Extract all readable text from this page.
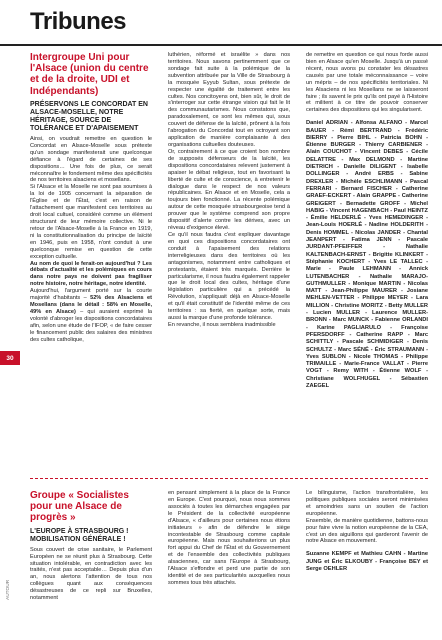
Tribunes
30
AUTOUR
Intergroupe Uni pour l'Alsace (union du centre et de la droite, UDI et Indépendants)
PRÉSERVONS LE CONCORDAT EN ALSACE-MOSELLE, NOTRE HÉRITAGE, SOURCE DE TOLÉRANCE ET D'APAISEMENT

Ainsi, on voudrait remettre en question le Concordat en Alsace-Moselle sous prétexte qu'un sondage manifesterait une quelconque défiance à l'égard de certaines de ses dispositions… Une fois de plus, ce serait méconnaître le fondement même des spécificités de nos territoires alsaciens et mosellans.

Si l'Alsace et la Moselle ne sont pas soumises à la loi de 1905 concernant la séparation de l'Église et de l'État, c'est en raison de l'attachement que manifestent ces territoires au droit local cultuel, considéré comme un élément structurant de leur mémoire collective. Ni le retour de l'Alsace-Moselle à la France en 1919, ni la constitutionnalisation du principe de laïcité en 1946, puis en 1958, n'ont conduit à une quelconque remise en question de cette exception cultuelle.

Au nom de quoi le ferait-on aujourd'hui ? Les débats d'actualité et les polémiques en cours dans notre pays ne doivent pas fragiliser notre histoire, notre héritage, notre identité.

Aujourd'hui, l'argument porté sur la courte majorité d'habitants – 52% des Alsaciens et Mosellans (dans le détail : 58% en Moselle, 49% en Alsace) – qui auraient exprimé la volonté d'abroger les dispositions concordataires afin, selon une étude de l'IFOP, « de faire cesser le financement public des salaires des ministres des cultes catholique,

luthérien, réformé et israélite » dans nos territoires. Nous savons pertinemment que ce sondage fait suite à la polémique de la subvention attribuée par la Ville de Strasbourg à la mosquée Eyyub Sultan, sous prétexte de respecter une égalité de traitement entre les cultes. Nos concitoyens ont, bien sûr, le droit de s'interroger sur cette étrange vision qui fait le lit des communautarismes. Nous constatons que, paradoxalement, ce sont les mêmes qui, sous couvert de défense de la laïcité, prônent à la fois l'abrogation du Concordat tout en octroyant son application de manière complaisante à des organisations cultuelles douteuses.

Or, contrairement à ce que croient bon nombre de supposés défenseurs de la laïcité, les dispositions concordataires relevent justement à apaiser le débat religieux, tout en favorisant la liberté de culte et de conscience, à entretenir le dialogue dans le respect de nos valeurs républicaines. En Alsace et en Moselle, cela a toujours bien fonctionné. La récente polémique autour de cette mosquée strasbourgeoise tend à prouver que le système comprend son propre dispositif d'alerte contre les dérives, avec un réveau d'exigence élevé.

Ce qu'il nous faudra c'est expliquer davantage en quoi ces dispositions concordataires ont conduit à l'apaisement des relations interreligieuses dans des territoires où les antagonismes, notamment entre catholiques et protestants, étaient très marqués. Derrière le particularisme, il nous faudra également rappeler que le droit local des cultes, héritage d'une législation particulière qui a précédé la Révolution, s'appliquait déjà en Alsace-Moselle et qu'il était constitutif de l'identité même de ces territoires : sa fierté, en quelque sorte, mais aussi la marque d'une profonde tolérance.

En revanche, il nous semblera inadmissible

de remettre en question ce qui nous forde aussi bien en Alsace qu'en Moselle. Jusqu'à un passé récent, nous avons pu constater les désastres causés par une totale méconnaissance – voire un mépris – de nos spécificités territoriales. Ni les Alsaciens ni les Mosellans ne se laisseront faire ; ils savent le prix qu'ils ont payé à l'Histoire et militent à ce titre de pouvoir conserver certaines des dispositions qui les singularisent.

Daniel ADRIAN - Alfonsa ALFANO - Marcel BAUER - Rémi BERTRAND - Frédéric BIERRY - Pierre BIHL - Patricia BOHN - Étienne BURGER - Thierry CARBIENER - Alain COUCHOT - Vincent DEBES - Cécile DELATTRE - Max DELMOND - Martine DIETRICH - Danielle DILIGENT - Isabelle DOLLINGER - André ERBS - Sabine DREXLER - Michèle ESCHLIMANN - Pascal FERRARI - Bernard FISCHER - Catherine GRAEF-ECKERT - Alain GRAPPE - Catherine GREIGERT - Bernadette GROFF - Michel HABIG - Vincent HAGENBACH - Paul HEINTZ - Émilie HELDERLÉ - Yves HEMEDINGER - Jean-Louis HOERLÉ - Nadine HOLDERITH - Denis HOMMEL - Nicolas JANDER - Chantal JEANPERT - Fatima JENN - Pascale JURDANT-PFEIFFER - Nathalie KALTENBACH-ERNST - Brigitte KLINKERT - Stéphanie KOCHERT - Yves LE TALLEC - Marie - Paule LEHMANN - Annick LUTENBACHER - Nathalie MARAJO-GUTHMULLER - Monique MARTIN - Nicolas MATT - Jean-Philippe MAURER - Josiane MEHLEN-VETTER - Philippe MEYER - Lara MILLION - Christine MORITZ - Betty MULLER - Lucien MULLER - Laurence MULLER-BRONN - Marc MUNCK - Fabienne ORLANDI - Karine PAGLIARULO - Françoise PFERSDORFF - Catherine RAPP - Marc SCHITTLY - Pascale SCHMIDIGER - Denis SCHULTZ - Marc SÉNÉ - Éric STRAUMANN - Yves SUBLON - Nicole THOMAS - Philippe TRIMAILLE - Marie-France VALLAT - Pierre VOGT - Remy WITH - Étienne WOLF - Christiane WOLFHUGEL - Sébastien ZAEGEL

Groupe « Socialistes pour une Alsace de progrès »
L'EUROPE À STRASBOURG ! MOBILISATION GÉNÉRALE !

Sous couvert de crise sanitaire, le Parlement Européen ne se réunit plus à Strasbourg. Cette situation intolérable, en contradiction avec les traités, n'est pas acceptable… Depuis plus d'un an, nous alertons l'attention de tous nos collègues quant aux conséquences désastreuses de ce repli sur Bruxelles, notamment

en pensant simplement à la place de la France en Europe. C'est pourquoi, nous nous sommes associés à toutes les démarches engagées par le Président de la collectivité européenne d'Alsace, « d'ailleurs pour certaines nous étions initiateurs » afin de défendre le siège incontestable de Strasbourg comme capitale européenne. Mais nous souhaiterions un plus fort appui du Chef de l'État et du Gouvernement et de l'ensemble des collectivités publiques alsaciennes, car sans l'Europe à Strasbourg, l'Alsace s'effondre et perd une partie de son identité et de ses particularités auxquelles nous sommes tous très attachés.

Le bilinguisme, l'action transfrontalière, les politiques publiques sociales seront minimisées et amoindries sans un soutien de l'action européenne.

Ensemble, de manière quotidienne, battons-nous pour faire vivre la notion européenne de la CEA, c'est un des aiguillons qui garderont l'avenir de notre Alsace en mouvement.

Suzanne KEMPF et Mathieu CAHN - Martine JUNG et Éric ELKOUBY - Françoise BEY et Serge OEHLER
